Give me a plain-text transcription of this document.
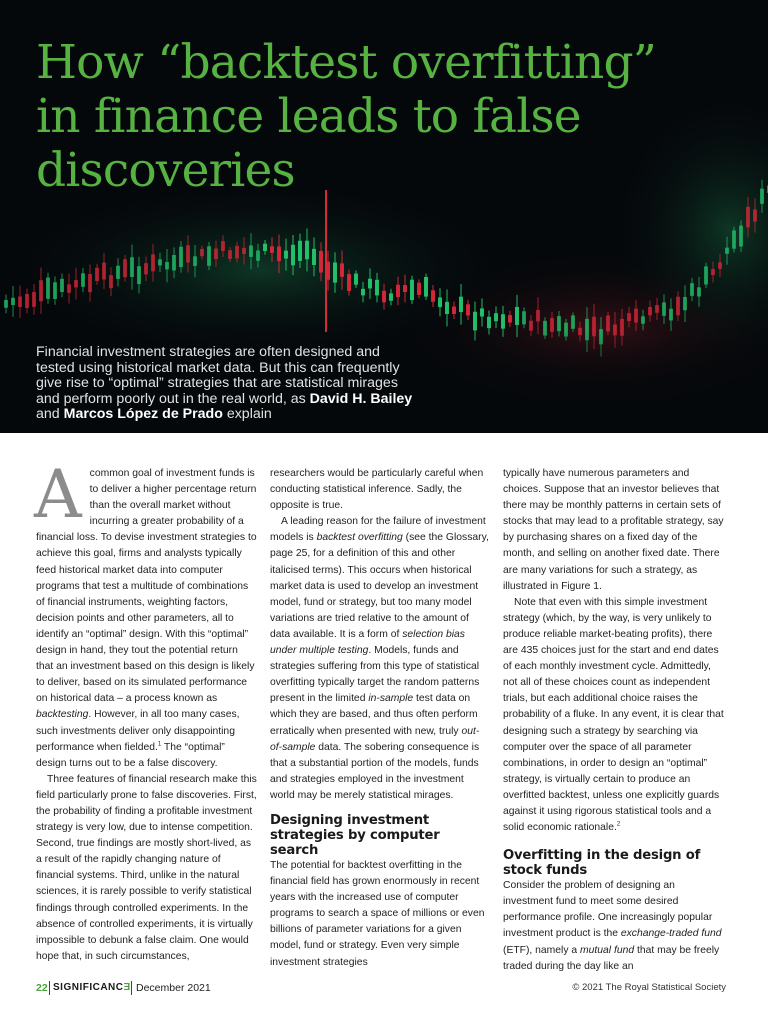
How “backtest overfitting”
in finance leads to false
discoveries

Financial investment strategies are often designed and tested using historical market data. But this can frequently give rise to “optimal” strategies that are statistical mirages and perform poorly out in the real world, as David H. Bailey and Marcos López de Prado explain

Acommon goal of investment funds is to deliver a higher percentage return than the overall market without incurring a greater probability of a financial loss. To devise investment strategies to achieve this goal, firms and analysts typically feed historical market data into computer programs that test a multitude of combinations of financial instruments, weighting factors, decision points and other parameters, all to identify an “optimal” design. With this “optimal” design in hand, they tout the potential return that an investment based on this design is likely to deliver, based on its simulated performance on historical data – a process known as backtesting. However, in all too many cases, such investments deliver only disappointing performance when fielded.$^1$ The “optimal” design turns out to be a false discovery.

Three features of financial research make this field particularly prone to false discoveries. First, the probability of finding a profitable investment strategy is very low, due to intense competition. Second, true findings are mostly short-lived, as a result of the rapidly changing nature of financial systems. Third, unlike in the natural sciences, it is rarely possible to verify statistical findings through controlled experiments. In the absence of controlled experiments, it is virtually impossible to debunk a false claim. One would hope that, in such circumstances,

researchers would be particularly careful when conducting statistical inference. Sadly, the opposite is true.

A leading reason for the failure of investment models is backtest overfitting (see the Glossary, page 25, for a definition of this and other italicised terms). This occurs when historical market data is used to develop an investment model, fund or strategy, but too many model variations are tried relative to the amount of data available. It is a form of selection bias under multiple testing. Models, funds and strategies suffering from this type of statistical overfitting typically target the random patterns present in the limited in-sample test data on which they are based, and thus often perform erratically when presented with new, truly out-of-sample data. The sobering consequence is that a substantial portion of the models, funds and strategies employed in the investment world may be merely statistical mirages.

Designing investment strategies by computer search

The potential for backtest overfitting in the financial field has grown enormously in recent years with the increased use of computer programs to search a space of millions or even billions of parameter variations for a given model, fund or strategy. Even very simple investment strategies

typically have numerous parameters and choices. Suppose that an investor believes that there may be monthly patterns in certain sets of stocks that may lead to a profitable strategy, say by purchasing shares on a fixed day of the month, and selling on another fixed date. There are many variations for such a strategy, as illustrated in Figure 1.

Note that even with this simple investment strategy (which, by the way, is very unlikely to produce reliable market-beating profits), there are 435 choices just for the start and end dates of each monthly investment cycle. Admittedly, not all of these choices count as independent trials, but each additional choice raises the probability of a fluke. In any event, it is clear that designing such a strategy by searching via computer over the space of all parameter combinations, in order to design an “optimal” strategy, is virtually certain to produce an overfitted backtest, unless one explicitly guards against it using rigorous statistical tools and a solid economic rationale.$^2$

Overfitting in the design of stock funds

Consider the problem of designing an investment fund to meet some desired performance profile. One increasingly popular investment product is the exchange-traded fund (ETF), namely a mutual fund that may be freely traded during the day like an

22 SIGNIFICANCƎ December 2021	© 2021 The Royal Statistical Society
